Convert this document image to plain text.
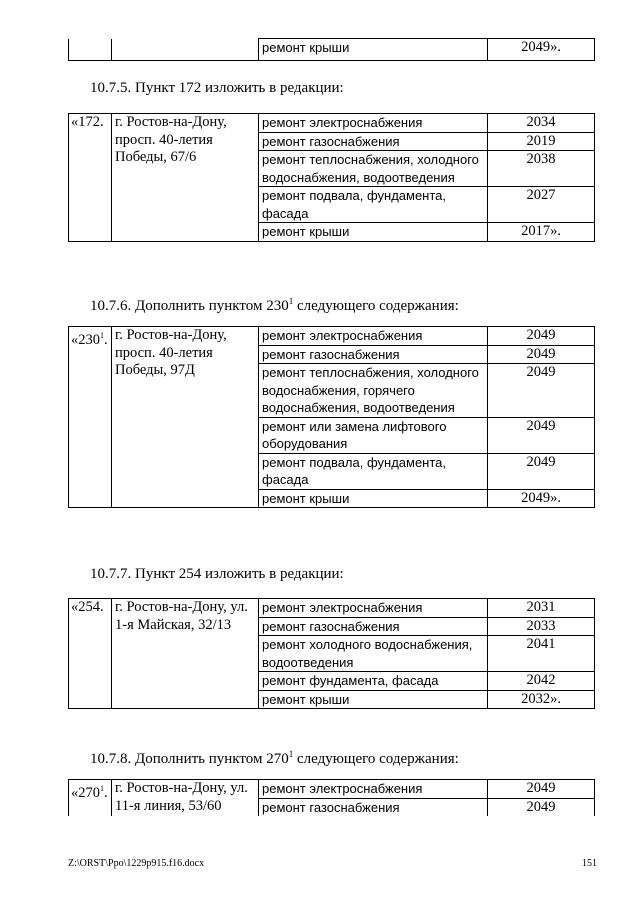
		ремонт крыши	2049».

10.7.5. Пункт 172 изложить в редакции:

«172.	г. Ростов-на-Дону, просп. 40-летия Победы, 67/6	ремонт электроснабжения	2034
		ремонт газоснабжения	2019
		ремонт теплоснабжения, холодного водоснабжения, водоотведения	2038
		ремонт подвала, фундамента, фасада	2027
		ремонт крыши	2017».

10.7.6. Дополнить пунктом $230^1$ следующего содержания:

«$230^1$.	г. Ростов-на-Дону, просп. 40-летия Победы, 97Д	ремонт электроснабжения	2049
		ремонт газоснабжения	2049
		ремонт теплоснабжения, холодного водоснабжения, горячего водоснабжения, водоотведения	2049
		ремонт или замена лифтового оборудования	2049
		ремонт подвала, фундамента, фасада	2049
		ремонт крыши	2049».

10.7.7. Пункт 254 изложить в редакции:

«254.	г. Ростов-на-Дону, ул. 1-я Майская, 32/13	ремонт электроснабжения	2031
		ремонт газоснабжения	2033
		ремонт холодного водоснабжения, водоотведения	2041
		ремонт фундамента, фасада	2042
		ремонт крыши	2032».

10.7.8. Дополнить пунктом $270^1$ следующего содержания:

«$270^1$.	г. Ростов-на-Дону, ул. 11-я линия, 53/60	ремонт электроснабжения	2049
		ремонт газоснабжения	2049
Z:\ORST\Ppo\1229p915.f16.docx	151
